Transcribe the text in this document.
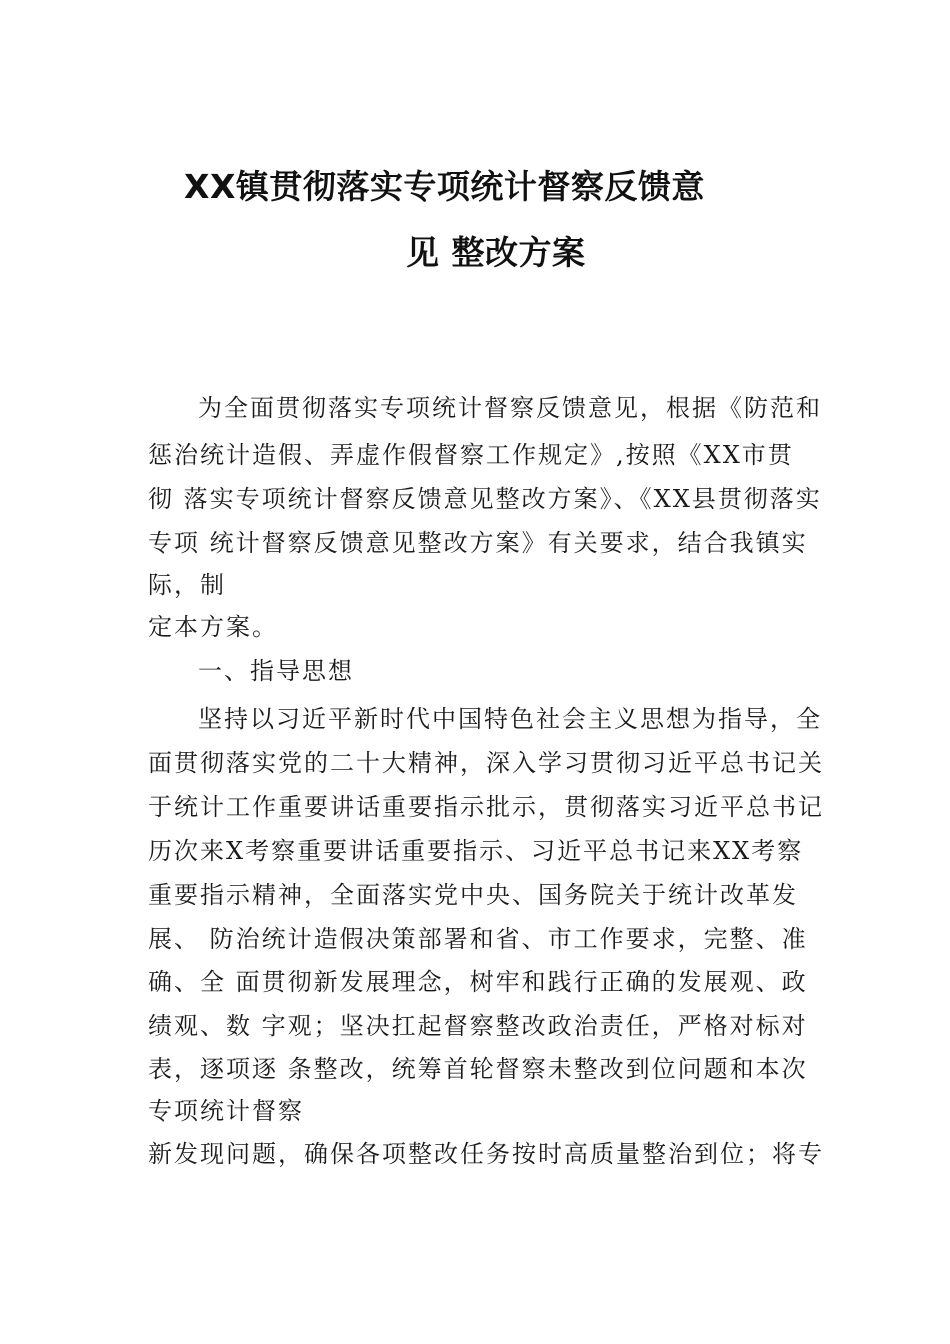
XX镇贯彻落实专项统计督察反馈意
见 整改方案
为全面贯彻落实专项统计督察反馈意见，根据《防范和
惩治统计造假、弄虚作假督察工作规定》,按照《XX市贯
彻 落实专项统计督察反馈意见整改方案》、《XX县贯彻落实
专项 统计督察反馈意见整改方案》有关要求，结合我镇实
际，制
定本方案。
一、指导思想
坚持以习近平新时代中国特色社会主义思想为指导，全
面贯彻落实党的二十大精神，深入学习贯彻习近平总书记关
于统计工作重要讲话重要指示批示，贯彻落实习近平总书记
历次来X考察重要讲话重要指示、习近平总书记来XX考察
重要指示精神，全面落实党中央、国务院关于统计改革发
展、 防治统计造假决策部署和省、市工作要求，完整、准
确、全 面贯彻新发展理念，树牢和践行正确的发展观、政
绩观、数 字观；坚决扛起督察整改政治责任，严格对标对
表，逐项逐 条整改，统筹首轮督察未整改到位问题和本次
专项统计督察
新发现问题，确保各项整改任务按时高质量整治到位；将专
